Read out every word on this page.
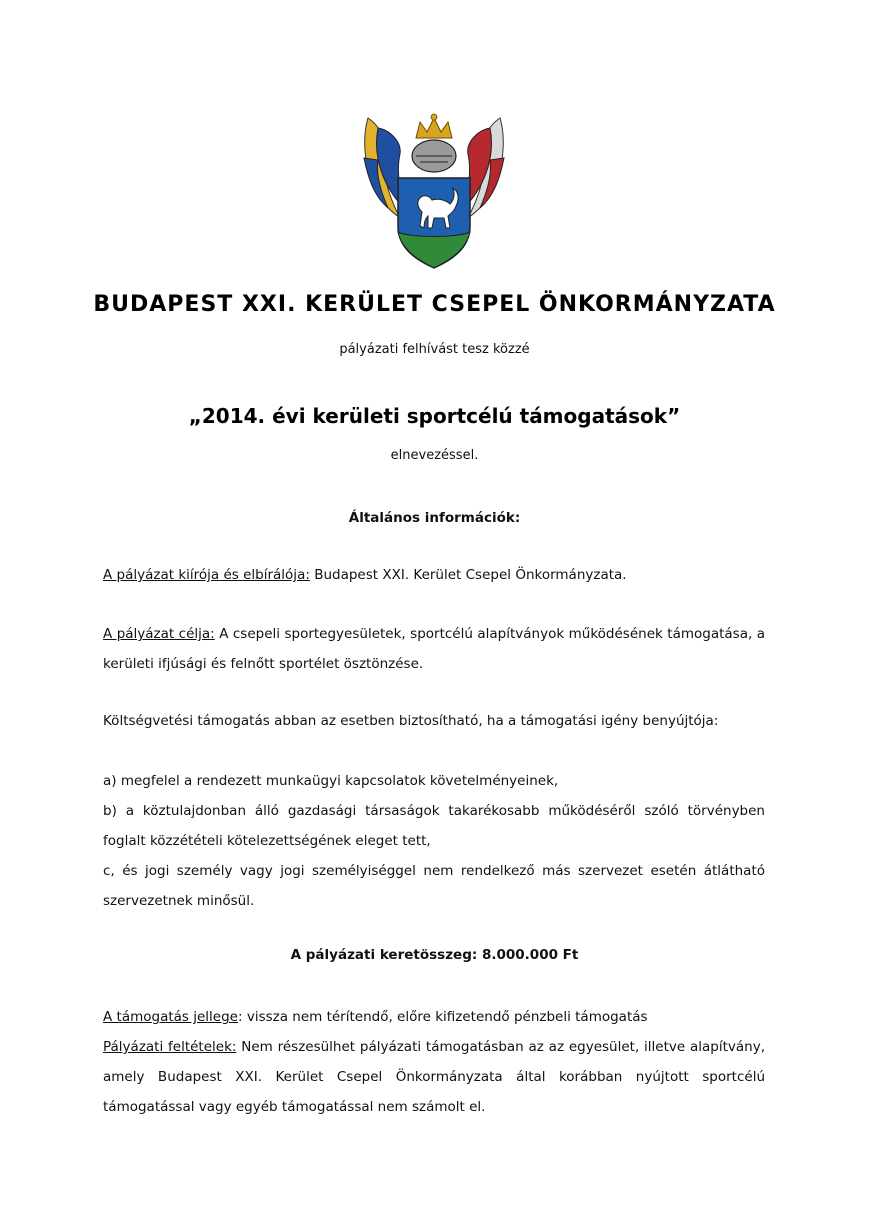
BUDAPEST XXI. KERÜLET CSEPEL ÖNKORMÁNYZATA
pályázati felhívást tesz közzé
„2014. évi kerületi sportcélú támogatások”
elnevezéssel.
Általános információk:

A pályázat kiírója és elbírálója: Budapest XXI. Kerület Csepel Önkormányzata.

A pályázat célja: A csepeli sportegyesületek, sportcélú alapítványok működésének támogatása, a kerületi ifjúsági és felnőtt sportélet ösztönzése.

Költségvetési támogatás abban az esetben biztosítható, ha a támogatási igény benyújtója:

a) megfelel a rendezett munkaügyi kapcsolatok követelményeinek,
b) a köztulajdonban álló gazdasági társaságok takarékosabb működéséről szóló törvényben foglalt közzétételi kötelezettségének eleget tett,
c, és jogi személy vagy jogi személyiséggel nem rendelkező más szervezet esetén átlátható szervezetnek minősül.
A pályázati keretösszeg: 8.000.000 Ft
A támogatás jellege: vissza nem térítendő, előre kifizetendő pénzbeli támogatás
Pályázati feltételek: Nem részesülhet pályázati támogatásban az az egyesület, illetve alapítvány, amely Budapest XXI. Kerület Csepel Önkormányzata által korábban nyújtott sportcélú támogatással vagy egyéb támogatással nem számolt el.
